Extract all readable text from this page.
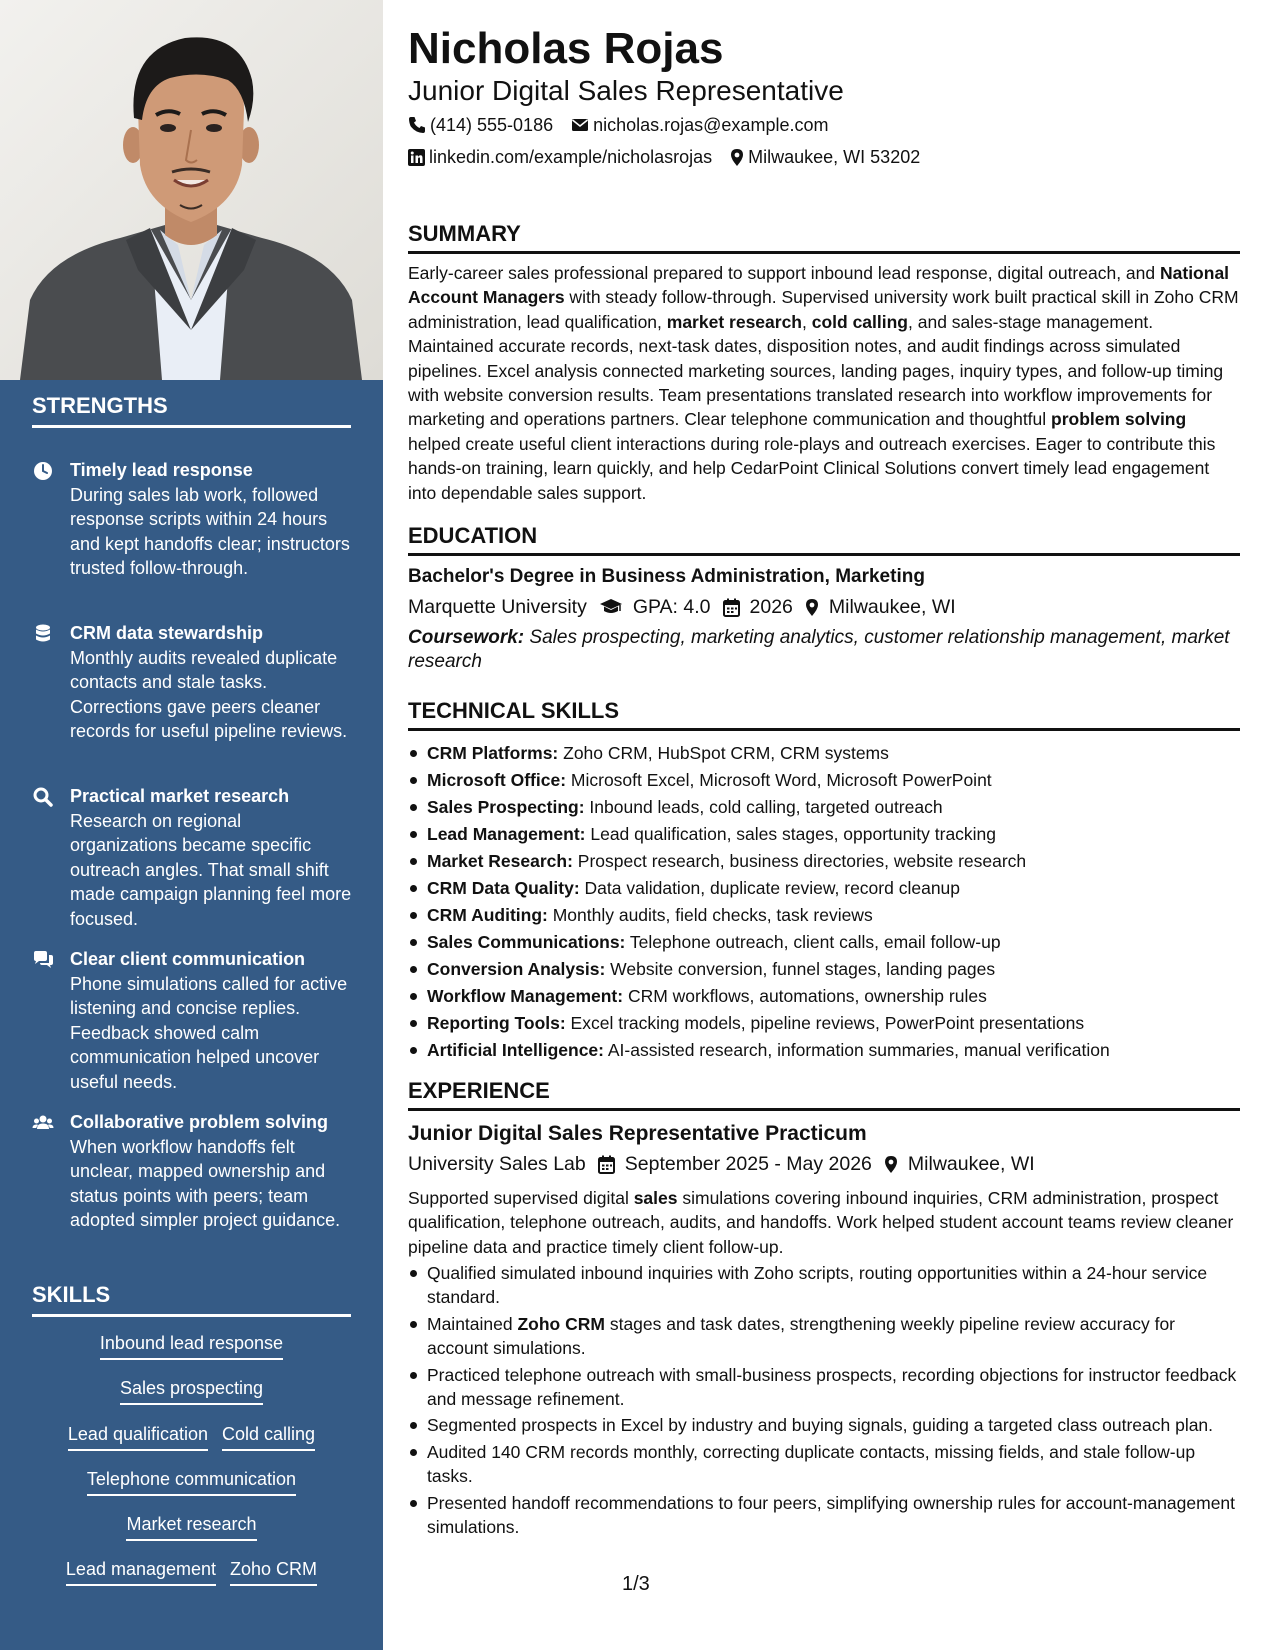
STRENGTHS
Timely lead response
During sales lab work, followed response scripts within 24 hours and kept handoffs clear; instructors trusted follow-through.
CRM data stewardship
Monthly audits revealed duplicate contacts and stale tasks. Corrections gave peers cleaner records for useful pipeline reviews.
Practical market research
Research on regional organizations became specific outreach angles. That small shift made campaign planning feel more focused.
Clear client communication
Phone simulations called for active listening and concise replies. Feedback showed calm communication helped uncover useful needs.
Collaborative problem solving
When workflow handoffs felt unclear, mapped ownership and status points with peers; team adopted simpler project guidance.
SKILLS
Inbound lead response
Sales prospecting
Lead qualification Cold calling
Telephone communication
Market research
Lead management Zoho CRM
Nicholas Rojas
Junior Digital Sales Representative
(414) 555-0186 nicholas.rojas@example.com
linkedin.com/example/nicholasrojas Milwaukee, WI 53202
SUMMARY
Early-career sales professional prepared to support inbound lead response, digital outreach, and National Account Managers with steady follow-through. Supervised university work built practical skill in Zoho CRM administration, lead qualification, market research, cold calling, and sales-stage management. Maintained accurate records, next-task dates, disposition notes, and audit findings across simulated pipelines. Excel analysis connected marketing sources, landing pages, inquiry types, and follow-up timing with website conversion results. Team presentations translated research into workflow improvements for marketing and operations partners. Clear telephone communication and thoughtful problem solving helped create useful client interactions during role-plays and outreach exercises. Eager to contribute this hands-on training, learn quickly, and help CedarPoint Clinical Solutions convert timely lead engagement into dependable sales support.
EDUCATION
Bachelor's Degree in Business Administration, Marketing
Marquette University GPA: 4.0 2026 Milwaukee, WI
Coursework: Sales prospecting, marketing analytics, customer relationship management, market research
TECHNICAL SKILLS
CRM Platforms: Zoho CRM, HubSpot CRM, CRM systems
Microsoft Office: Microsoft Excel, Microsoft Word, Microsoft PowerPoint
Sales Prospecting: Inbound leads, cold calling, targeted outreach
Lead Management: Lead qualification, sales stages, opportunity tracking
Market Research: Prospect research, business directories, website research
CRM Data Quality: Data validation, duplicate review, record cleanup
CRM Auditing: Monthly audits, field checks, task reviews
Sales Communications: Telephone outreach, client calls, email follow-up
Conversion Analysis: Website conversion, funnel stages, landing pages
Workflow Management: CRM workflows, automations, ownership rules
Reporting Tools: Excel tracking models, pipeline reviews, PowerPoint presentations
Artificial Intelligence: AI-assisted research, information summaries, manual verification
EXPERIENCE
Junior Digital Sales Representative Practicum
University Sales Lab September 2025 - May 2026 Milwaukee, WI
Supported supervised digital sales simulations covering inbound inquiries, CRM administration, prospect qualification, telephone outreach, audits, and handoffs. Work helped student account teams review cleaner pipeline data and practice timely client follow-up.
Qualified simulated inbound inquiries with Zoho scripts, routing opportunities within a 24-hour service standard.
Maintained Zoho CRM stages and task dates, strengthening weekly pipeline review accuracy for account simulations.
Practiced telephone outreach with small-business prospects, recording objections for instructor feedback and message refinement.
Segmented prospects in Excel by industry and buying signals, guiding a targeted class outreach plan.
Audited 140 CRM records monthly, correcting duplicate contacts, missing fields, and stale follow-up tasks.
Presented handoff recommendations to four peers, simplifying ownership rules for account-management simulations.
1/3
